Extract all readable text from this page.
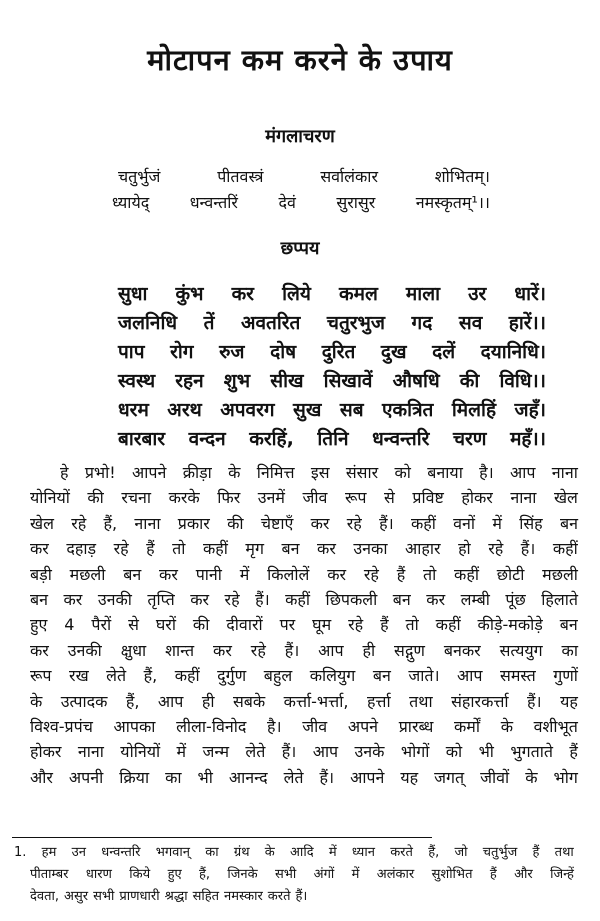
मोटापन कम करने के उपाय
मंगलाचरण
चतुर्भुजं	पीतवस्त्रं	सर्वालंकार	शोभितम्।
ध्यायेद्	धन्वन्तरिं	देवं	सुरासुर	नमस्कृतम्¹।।
छप्पय
सुधा कुंभ कर लिये कमल माला उर धारें।
जलनिधि तें अवतरित चतुरभुज गद सव हारें।।
पाप रोग रुज दोष दुरित दुख दलें दयानिधि।
स्वस्थ रहन शुभ सीख सिखावें औषधि की विधि।।
धरम अरथ अपवरग सुख सब एकत्रित मिलहिं जहँ।
बारबार वन्दन करहिं, तिनि धन्वन्तरि चरण महँ।।
हे प्रभो! आपने क्रीड़ा के निमित्त इस संसार को बनाया है। आप नाना
योनियों की रचना करके फिर उनमें जीव रूप से प्रविष्ट होकर नाना खेल
खेल रहे हैं, नाना प्रकार की चेष्टाएँ कर रहे हैं। कहीं वनों में सिंह बन
कर दहाड़ रहे हैं तो कहीं मृग बन कर उनका आहार हो रहे हैं। कहीं
बड़ी मछली बन कर पानी में किलोलें कर रहे हैं तो कहीं छोटी मछली
बन कर उनकी तृप्ति कर रहे हैं। कहीं छिपकली बन कर लम्बी पूंछ हिलाते
हुए 4 पैरों से घरों की दीवारों पर घूम रहे हैं तो कहीं कीड़े-मकोड़े बन
कर उनकी क्षुधा शान्त कर रहे हैं। आप ही सद्गुण बनकर सत्ययुग का
रूप रख लेते हैं, कहीं दुर्गुण बहुल कलियुग बन जाते। आप समस्त गुणों
के उत्पादक हैं, आप ही सबके कर्त्ता-भर्त्ता, हर्त्ता तथा संहारकर्त्ता हैं। यह
विश्व-प्रपंच आपका लीला-विनोद है। जीव अपने प्रारब्ध कर्मों के वशीभूत
होकर नाना योनियों में जन्म लेते हैं। आप उनके भोगों को भी भुगताते हैं
और अपनी क्रिया का भी आनन्द लेते हैं। आपने यह जगत् जीवों के भोग
1. हम उन धन्वन्तरि भगवान् का ग्रंथ के आदि में ध्यान करते हैं, जो चतुर्भुज हैं तथा
पीताम्बर धारण किये हुए हैं, जिनके सभी अंगों में अलंकार सुशोभित हैं और जिन्हें
देवता, असुर सभी प्राणधारी श्रद्धा सहित नमस्कार करते हैं।
